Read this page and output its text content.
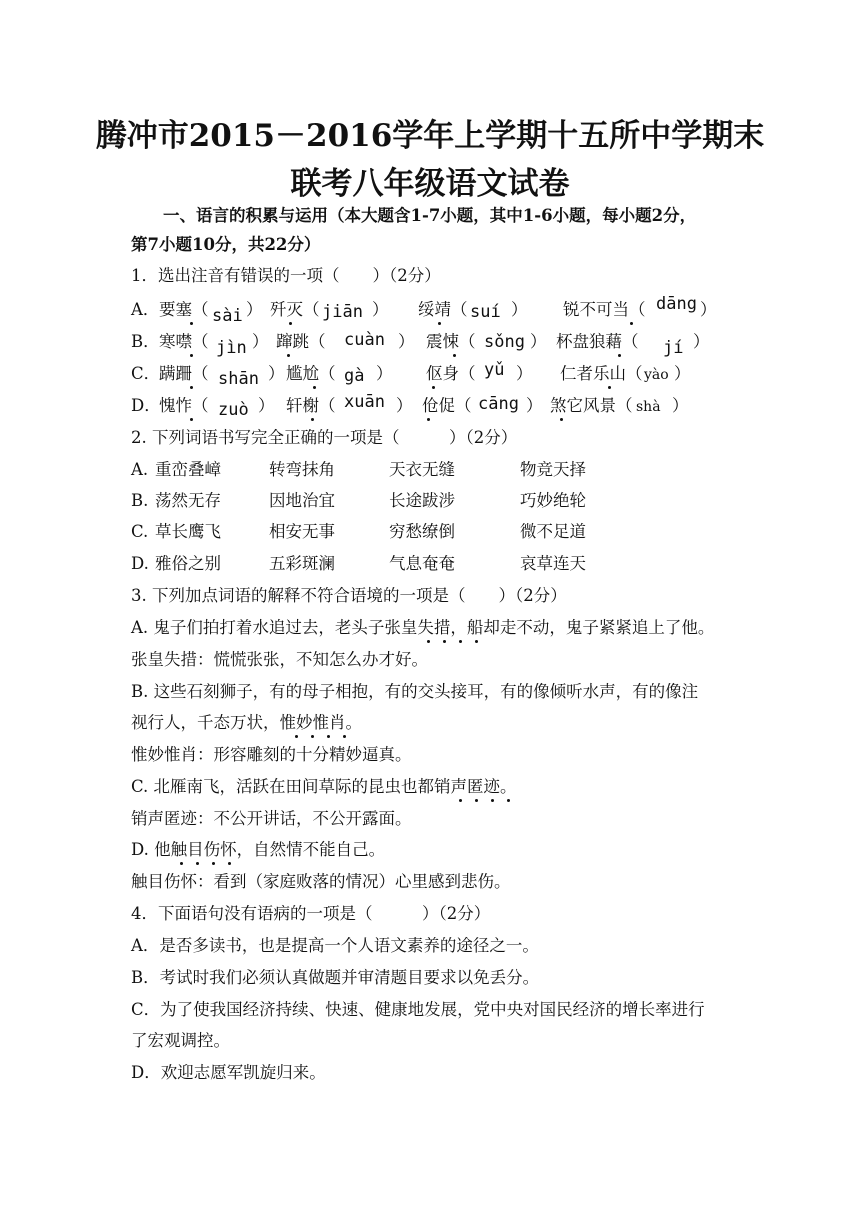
腾冲市2015－2016学年上学期十五所中学期末
联考八年级语文试卷
一、语言的积累与运用（本大题含1-7小题，其中1-6小题，每小题2分，
第7小题10分，共22分）
1．选出注音有错误的一项（　　）（2分）
A． 要塞（ sài ） 歼灭（ jiān ） 绥靖（ suí ） 锐不可当（ dāng ）
B． 寒噤（ jìn ） 蹿跳（ cuàn ） 震悚（ sǒng ） 杯盘狼藉（ jí ）
C．
蹒跚（ shān ） 尴尬（ gà ） 伛身（ yǔ ） 仁者乐山（ yào ）
D．
愧怍（ zuò ） 轩榭（ xuān ） 伧促（ cāng ） 煞它风景（ shà ）
2. 下列词语书写完全正确的一项是（　　　）（2分）
A. 重峦叠嶂	转弯抹角	天衣无缝	物竞天择
B. 荡然无存	因地治宜	长途跋涉	巧妙绝轮
C. 草长鹰飞	相安无事	穷愁缭倒	微不足道
D. 雅俗之别	五彩斑澜	气息奄奄	哀草连天
3. 下列加点词语的解释不符合语境的一项是（　　）（2分）
A. 鬼子们拍打着水追过去，老头子张皇失措，船却走不动，鬼子紧紧追上了他。
张皇失措：慌慌张张，不知怎么办才好。
B. 这些石刻狮子，有的母子相抱，有的交头接耳，有的像倾听水声，有的像注
视行人，千态万状，惟妙惟肖。
惟妙惟肖：形容雕刻的十分精妙逼真。
C. 北雁南飞，活跃在田间草际的昆虫也都销声匿迹。
销声匿迹：不公开讲话，不公开露面。
D. 他触目伤怀，自然情不能自己。
触目伤怀：看到（家庭败落的情况）心里感到悲伤。
4．下面语句没有语病的一项是（　　　）（2分）
A．是否多读书，也是提高一个人语文素养的途径之一。
B．考试时我们必须认真做题并审清题目要求以免丢分。
C．为了使我国经济持续、快速、健康地发展，党中央对国民经济的增长率进行
了宏观调控。
D．欢迎志愿军凯旋归来。
